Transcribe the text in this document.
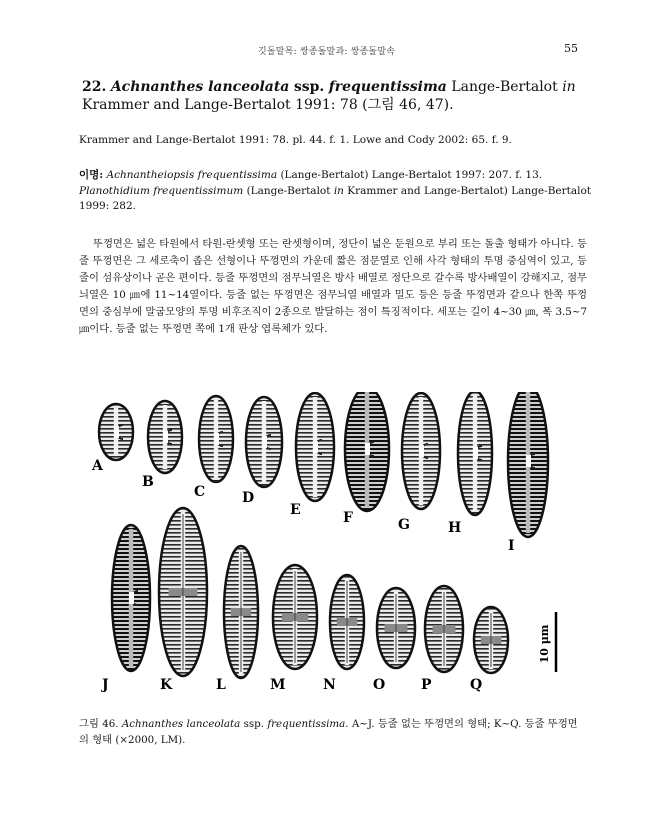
깃돌말목: 쌍종돌말과: 쌍종돌말속	55
22. Achnanthes lanceolata ssp. frequentissima Lange-Bertalot in
Krammer and Lange-Bertalot 1991: 78 (그림 46, 47).
Krammer and Lange-Bertalot 1991: 78. pl. 44. f. 1. Lowe and Cody 2002: 65. f. 9.
이명: Achnantheiopsis frequentissima (Lange-Bertalot) Lange-Bertalot 1997: 207. f. 13.
Planothidium frequentissimum (Lange-Bertalot in Krammer and Lange-Bertalot) Lange-Bertalot 1999: 282.
뚜껑면은 넓은 타원에서 타원-란셋형 또는 란셋형이며, 정단이 넓은 둔원으로 부리 또는 돌출 형태가 아니다. 등줄 뚜껑면은 그 세로축이 좁은 선형이나 뚜껑면의 가운데 짧은 점문열로 인해 사각 형태의 투명 중심역이 있고, 등줄이 섬유상이나 곧은 편이다. 등줄 뚜껑면의 점무늬열은 방사 배열로 정단으로 갈수록 방사배열이 강해지고, 점무늬열은 10 ㎛에 11~14열이다. 등줄 없는 뚜껑면은 점무늬열 배열과 밀도 등은 등줄 뚜껑면과 같으나 한쪽 뚜껑면의 중심부에 말굽모양의 투명 비후조직이 2종으로 발달하는 점이 특징적이다. 세포는 길이 4~30 ㎛, 폭 3.5~7 ㎛이다. 등줄 없는 뚜껑면 쪽에 1개 판상 엽록체가 있다.
A
B
C	D
E	F	G	H
I
J	K	L	M	N	O	P	Q
10 μm
그림 46. Achnanthes lanceolata ssp. frequentissima. A~J. 등줄 없는 뚜껑면의 형태; K~Q. 등줄 뚜껑면의 형태 (×2000, LM).
